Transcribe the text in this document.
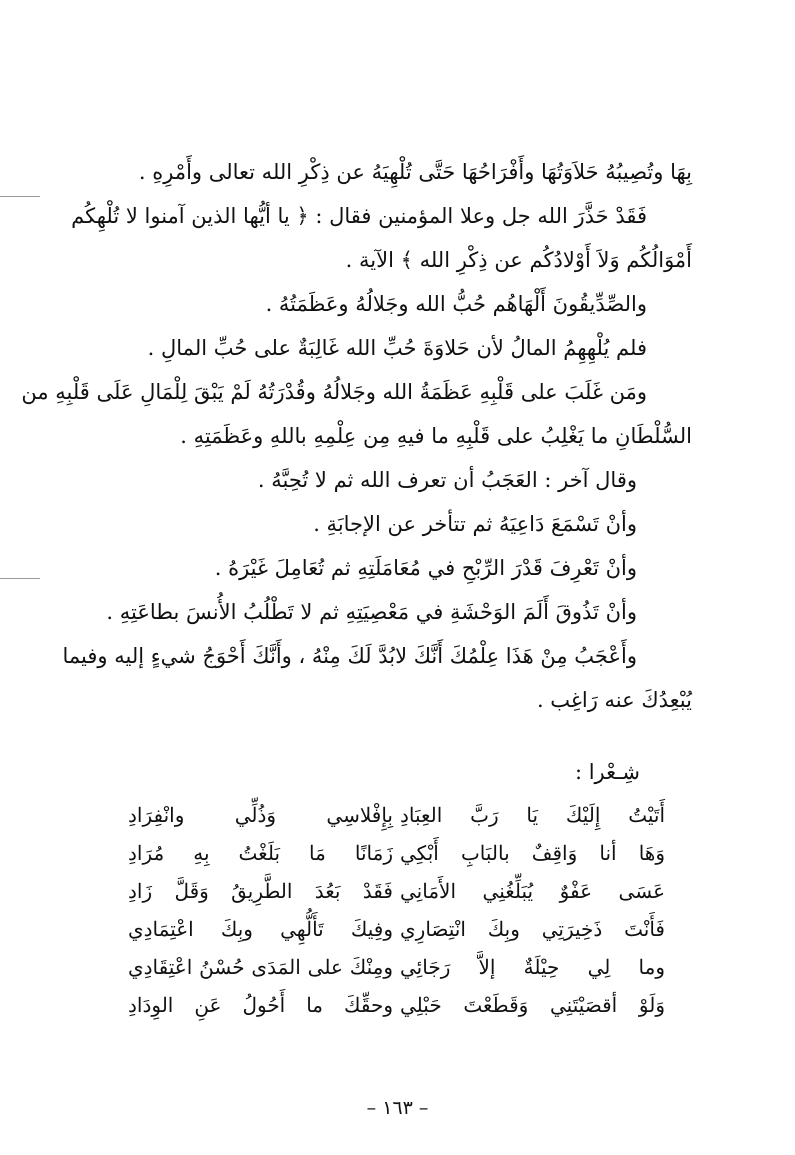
بِهَا وتُصِيبُهُ حَلاَوَتُهَا وأَفْرَاحُهَا حَتَّى تُلْهِيَهُ عن ذِكْرِ الله تعالى وأَمْرِهِ .
فَقَدْ حَذَّرَ الله جل وعلا المؤمنين فقال : ﴿ يا أيُّها الذين آمنوا لا تُلْهِكُم
أَمْوَالُكُم وَلاَ أَوْلادُكُم عن ذِكْرِ الله ﴾ الآية .
والصِّدِّيقُونَ أَلْهَاهُم حُبُّ الله وجَلالُهُ وعَظَمَتُهُ .
فلم يُلْهِهِمُ المالُ لأن حَلاوَةَ حُبِّ الله غَالِبَةٌ على حُبِّ المالِ .
ومَن غَلَبَ على قَلْبِهِ عَظَمَةُ الله وجَلالُهُ وقُدْرَتُهُ لَمْ يَبْقَ لِلْمَالِ عَلَى قَلْبِهِ من
السُّلْطَانِ ما يَغْلِبُ على قَلْبِهِ ما فيهِ مِن عِلْمِهِ باللهِ وعَظَمَتِهِ .
وقال آخر : العَجَبُ أن تعرف الله ثم لا تُحِبَّهُ .
وأنْ تَسْمَعَ دَاعِيَهُ ثم تتأخر عن الإجابَةِ .
وأنْ تَعْرِفَ قَدْرَ الرِّبْحِ في مُعَامَلَتِهِ ثم تُعَامِلَ غَيْرَهُ .
وأنْ تَذُوقَ أَلَمَ الوَحْشَةِ في مَعْصِيَتِهِ ثم لا تَطْلُبُ الأُنسَ بطاعَتِهِ .
وأَعْجَبُ مِنْ هَذَا عِلْمُكَ أَنَّكَ لابُدَّ لَكَ مِنْهُ ، وأَنَّكَ أَحْوَجُ شيءٍ إليه وفيما
يُبْعِدُكَ عنه رَاغِب .
شِـعْرا :
أَتَيْتُ إِلَيْكَ يَا رَبَّ العِبَادِ
بِإِفْلاسِي وَذُلِّي وانْفِرَادِ
وَهَا أنا وَاقِفٌ بالبَابِ أَبْكِي
زَمَانًا مَا بَلَغْتُ بِهِ مُرَادِ
عَسَى عَفْوٌ يُبَلِّغُنِي الأَمَانِي
فَقَدْ بَعُدَ الطَّرِيقُ وَقَلَّ زَادِ
فَأَنْتَ ذَخِيرَتِي وبِكَ انْتِصَارِي
وفِيكَ تَأَلُّهِي وبِكَ اعْتِمَادِي
وما لِي حِيْلَةٌ إلاَّ رَجَائِي
ومِنْكَ على المَدَى حُسْنُ اعْتِقَادِي
وَلَوْ أقصَيْتَنِي وَقَطَعْتَ حَبْلِي
وحقِّكَ ما أَحُولُ عَنِ الوِدَادِ
– ١٦٣ –
